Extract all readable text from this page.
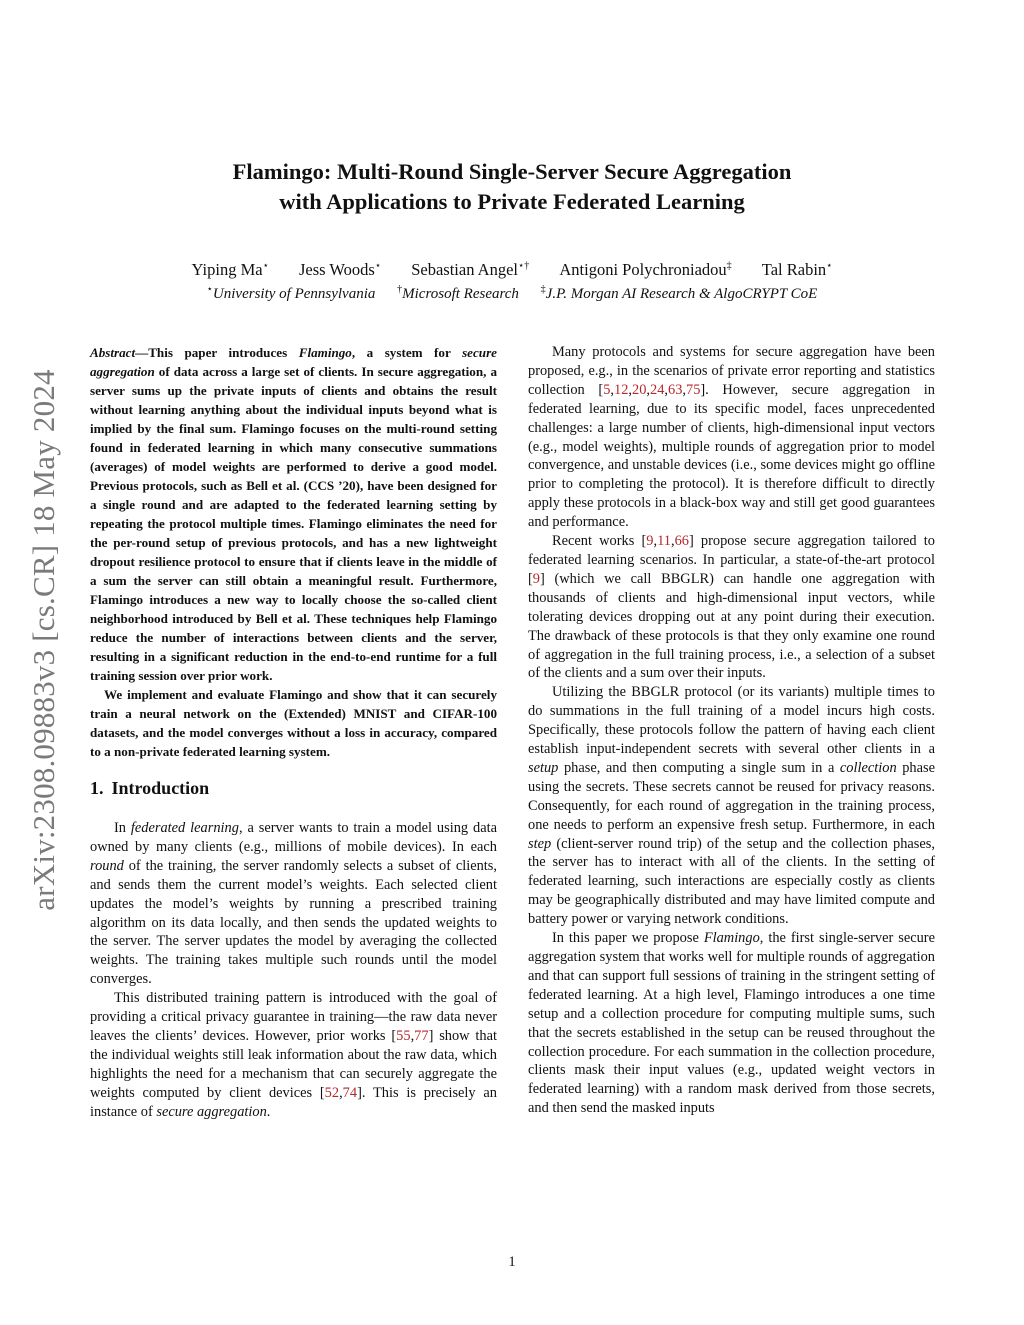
arXiv:2308.09883v3 [cs.CR] 18 May 2024
Flamingo: Multi-Round Single-Server Secure Aggregation
with Applications to Private Federated Learning
Yiping Ma⋆ Jess Woods⋆ Sebastian Angel⋆† Antigoni Polychroniadou‡ Tal Rabin⋆
⋆University of Pennsylvania †Microsoft Research ‡J.P. Morgan AI Research & AlgoCRYPT CoE

Abstract—This paper introduces Flamingo, a system for secure aggregation of data across a large set of clients. In secure aggregation, a server sums up the private inputs of clients and obtains the result without learning anything about the individual inputs beyond what is implied by the final sum. Flamingo focuses on the multi-round setting found in federated learning in which many consecutive summations (averages) of model weights are performed to derive a good model. Previous protocols, such as Bell et al. (CCS ’20), have been designed for a single round and are adapted to the federated learning setting by repeating the protocol multiple times. Flamingo eliminates the need for the per-round setup of previous protocols, and has a new lightweight dropout resilience protocol to ensure that if clients leave in the middle of a sum the server can still obtain a meaningful result. Furthermore, Flamingo introduces a new way to locally choose the so-called client neighborhood introduced by Bell et al. These techniques help Flamingo reduce the number of interactions between clients and the server, resulting in a significant reduction in the end-to-end runtime for a full training session over prior work.

We implement and evaluate Flamingo and show that it can securely train a neural network on the (Extended) MNIST and CIFAR-100 datasets, and the model converges without a loss in accuracy, compared to a non-private federated learning system.

1. Introduction

In federated learning, a server wants to train a model using data owned by many clients (e.g., millions of mobile devices). In each round of the training, the server randomly selects a subset of clients, and sends them the current model’s weights. Each selected client updates the model’s weights by running a prescribed training algorithm on its data locally, and then sends the updated weights to the server. The server updates the model by averaging the collected weights. The training takes multiple such rounds until the model converges.

This distributed training pattern is introduced with the goal of providing a critical privacy guarantee in training—the raw data never leaves the clients’ devices. However, prior works [55,77] show that the individual weights still leak information about the raw data, which highlights the need for a mechanism that can securely aggregate the weights computed by client devices [52,74]. This is precisely an instance of secure aggregation.

Many protocols and systems for secure aggregation have been proposed, e.g., in the scenarios of private error reporting and statistics collection [5,12,20,24,63,75]. However, secure aggregation in federated learning, due to its specific model, faces unprecedented challenges: a large number of clients, high-dimensional input vectors (e.g., model weights), multiple rounds of aggregation prior to model convergence, and unstable devices (i.e., some devices might go offline prior to completing the protocol). It is therefore difficult to directly apply these protocols in a black-box way and still get good guarantees and performance.

Recent works [9,11,66] propose secure aggregation tailored to federated learning scenarios. In particular, a state-of-the-art protocol [9] (which we call BBGLR) can handle one aggregation with thousands of clients and high-dimensional input vectors, while tolerating devices dropping out at any point during their execution. The drawback of these protocols is that they only examine one round of aggregation in the full training process, i.e., a selection of a subset of the clients and a sum over their inputs.

Utilizing the BBGLR protocol (or its variants) multiple times to do summations in the full training of a model incurs high costs. Specifically, these protocols follow the pattern of having each client establish input-independent secrets with several other clients in a setup phase, and then computing a single sum in a collection phase using the secrets. These secrets cannot be reused for privacy reasons. Consequently, for each round of aggregation in the training process, one needs to perform an expensive fresh setup. Furthermore, in each step (client-server round trip) of the setup and the collection phases, the server has to interact with all of the clients. In the setting of federated learning, such interactions are especially costly as clients may be geographically distributed and may have limited compute and battery power or varying network conditions.

In this paper we propose Flamingo, the first single-server secure aggregation system that works well for multiple rounds of aggregation and that can support full sessions of training in the stringent setting of federated learning. At a high level, Flamingo introduces a one time setup and a collection procedure for computing multiple sums, such that the secrets established in the setup can be reused throughout the collection procedure. For each summation in the collection procedure, clients mask their input values (e.g., updated weight vectors in federated learning) with a random mask derived from those secrets, and then send the masked inputs

1
